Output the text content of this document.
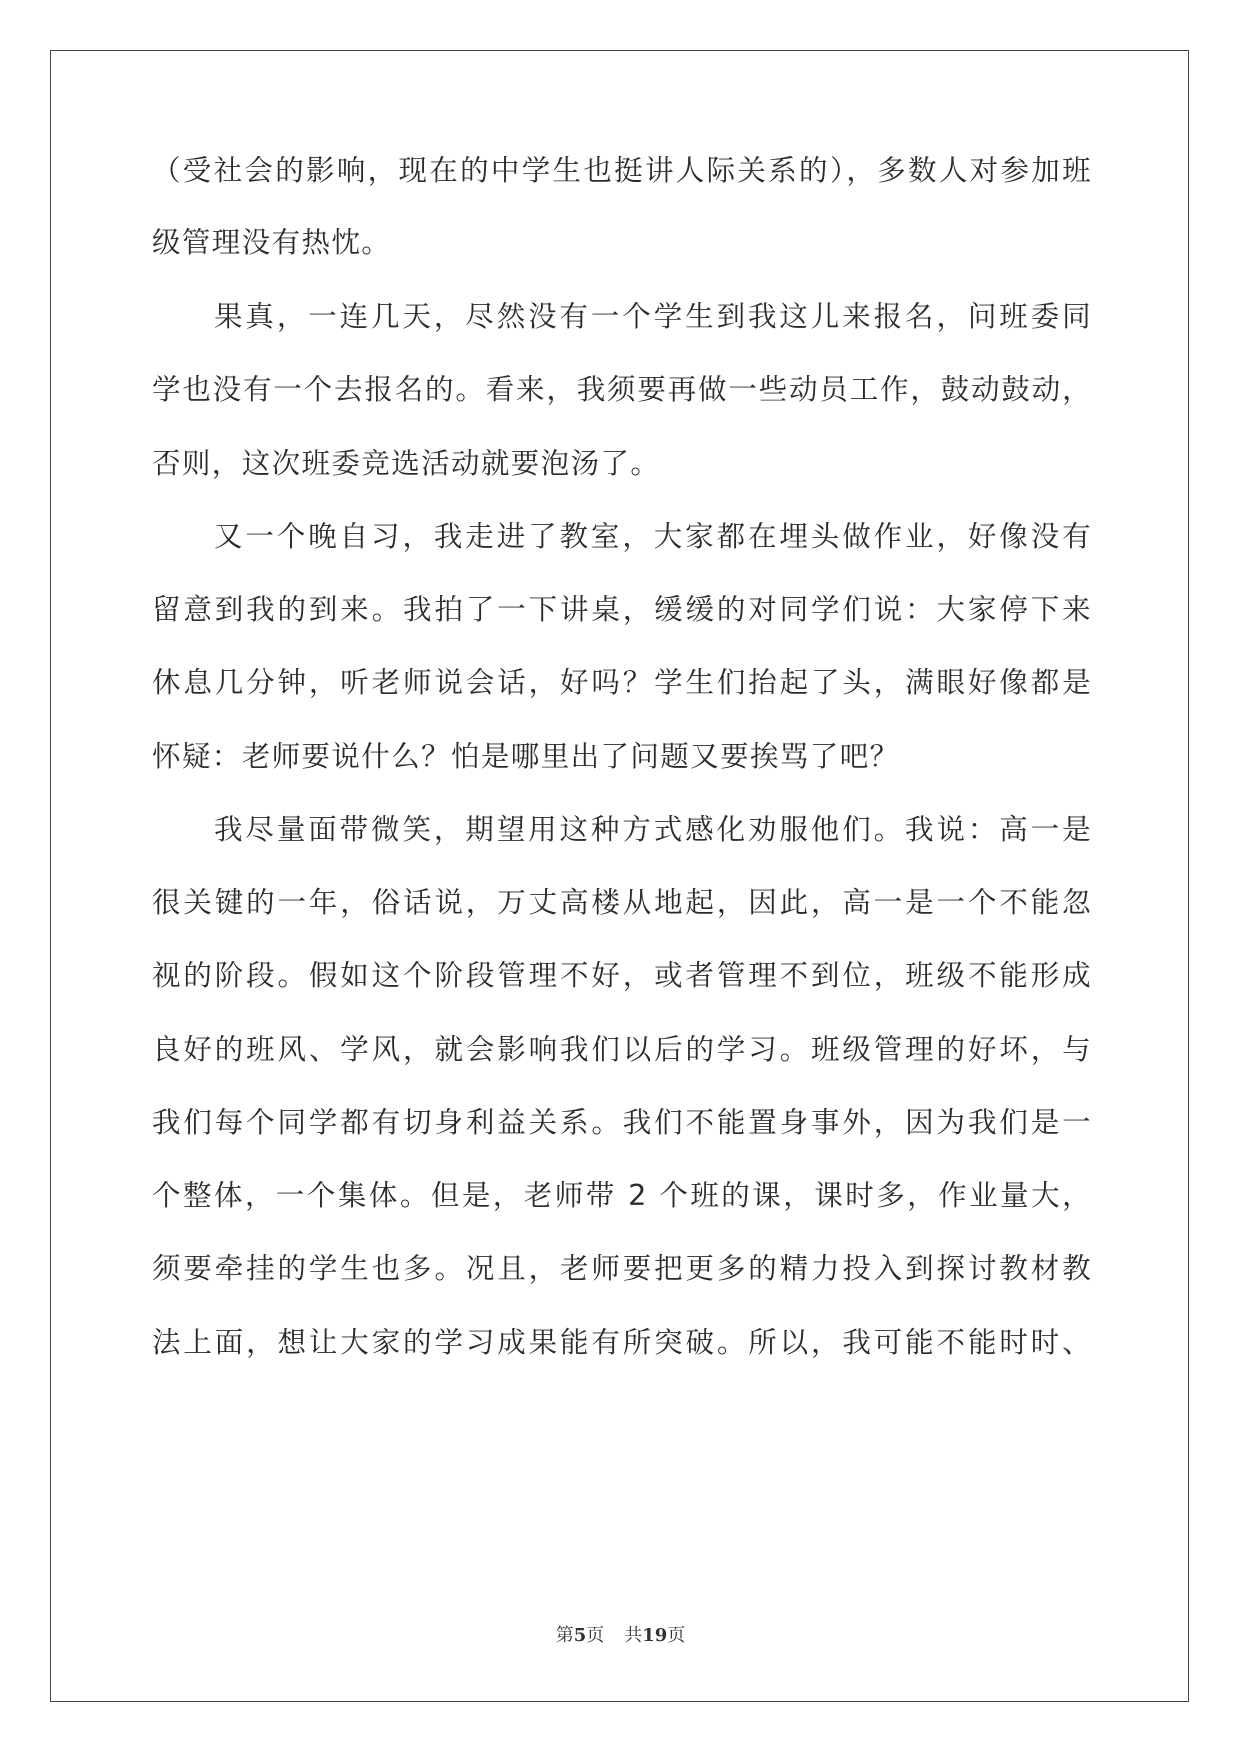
（受社会的影响，现在的中学生也挺讲人际关系的），多数人对参加班
级管理没有热忱。
果真，一连几天，尽然没有一个学生到我这儿来报名，问班委同
学也没有一个去报名的。看来，我须要再做一些动员工作，鼓动鼓动，
否则，这次班委竞选活动就要泡汤了。
又一个晚自习，我走进了教室，大家都在埋头做作业，好像没有
留意到我的到来。我拍了一下讲桌，缓缓的对同学们说：大家停下来
休息几分钟，听老师说会话，好吗？学生们抬起了头，满眼好像都是
怀疑：老师要说什么？怕是哪里出了问题又要挨骂了吧？
我尽量面带微笑，期望用这种方式感化劝服他们。我说：高一是
很关键的一年，俗话说，万丈高楼从地起，因此，高一是一个不能忽
视的阶段。假如这个阶段管理不好，或者管理不到位，班级不能形成
良好的班风、学风，就会影响我们以后的学习。班级管理的好坏，与
我们每个同学都有切身利益关系。我们不能置身事外，因为我们是一
个整体，一个集体。但是，老师带 2 个班的课，课时多，作业量大，
须要牵挂的学生也多。况且，老师要把更多的精力投入到探讨教材教
法上面，想让大家的学习成果能有所突破。所以，我可能不能时时、
第5页 共19页
